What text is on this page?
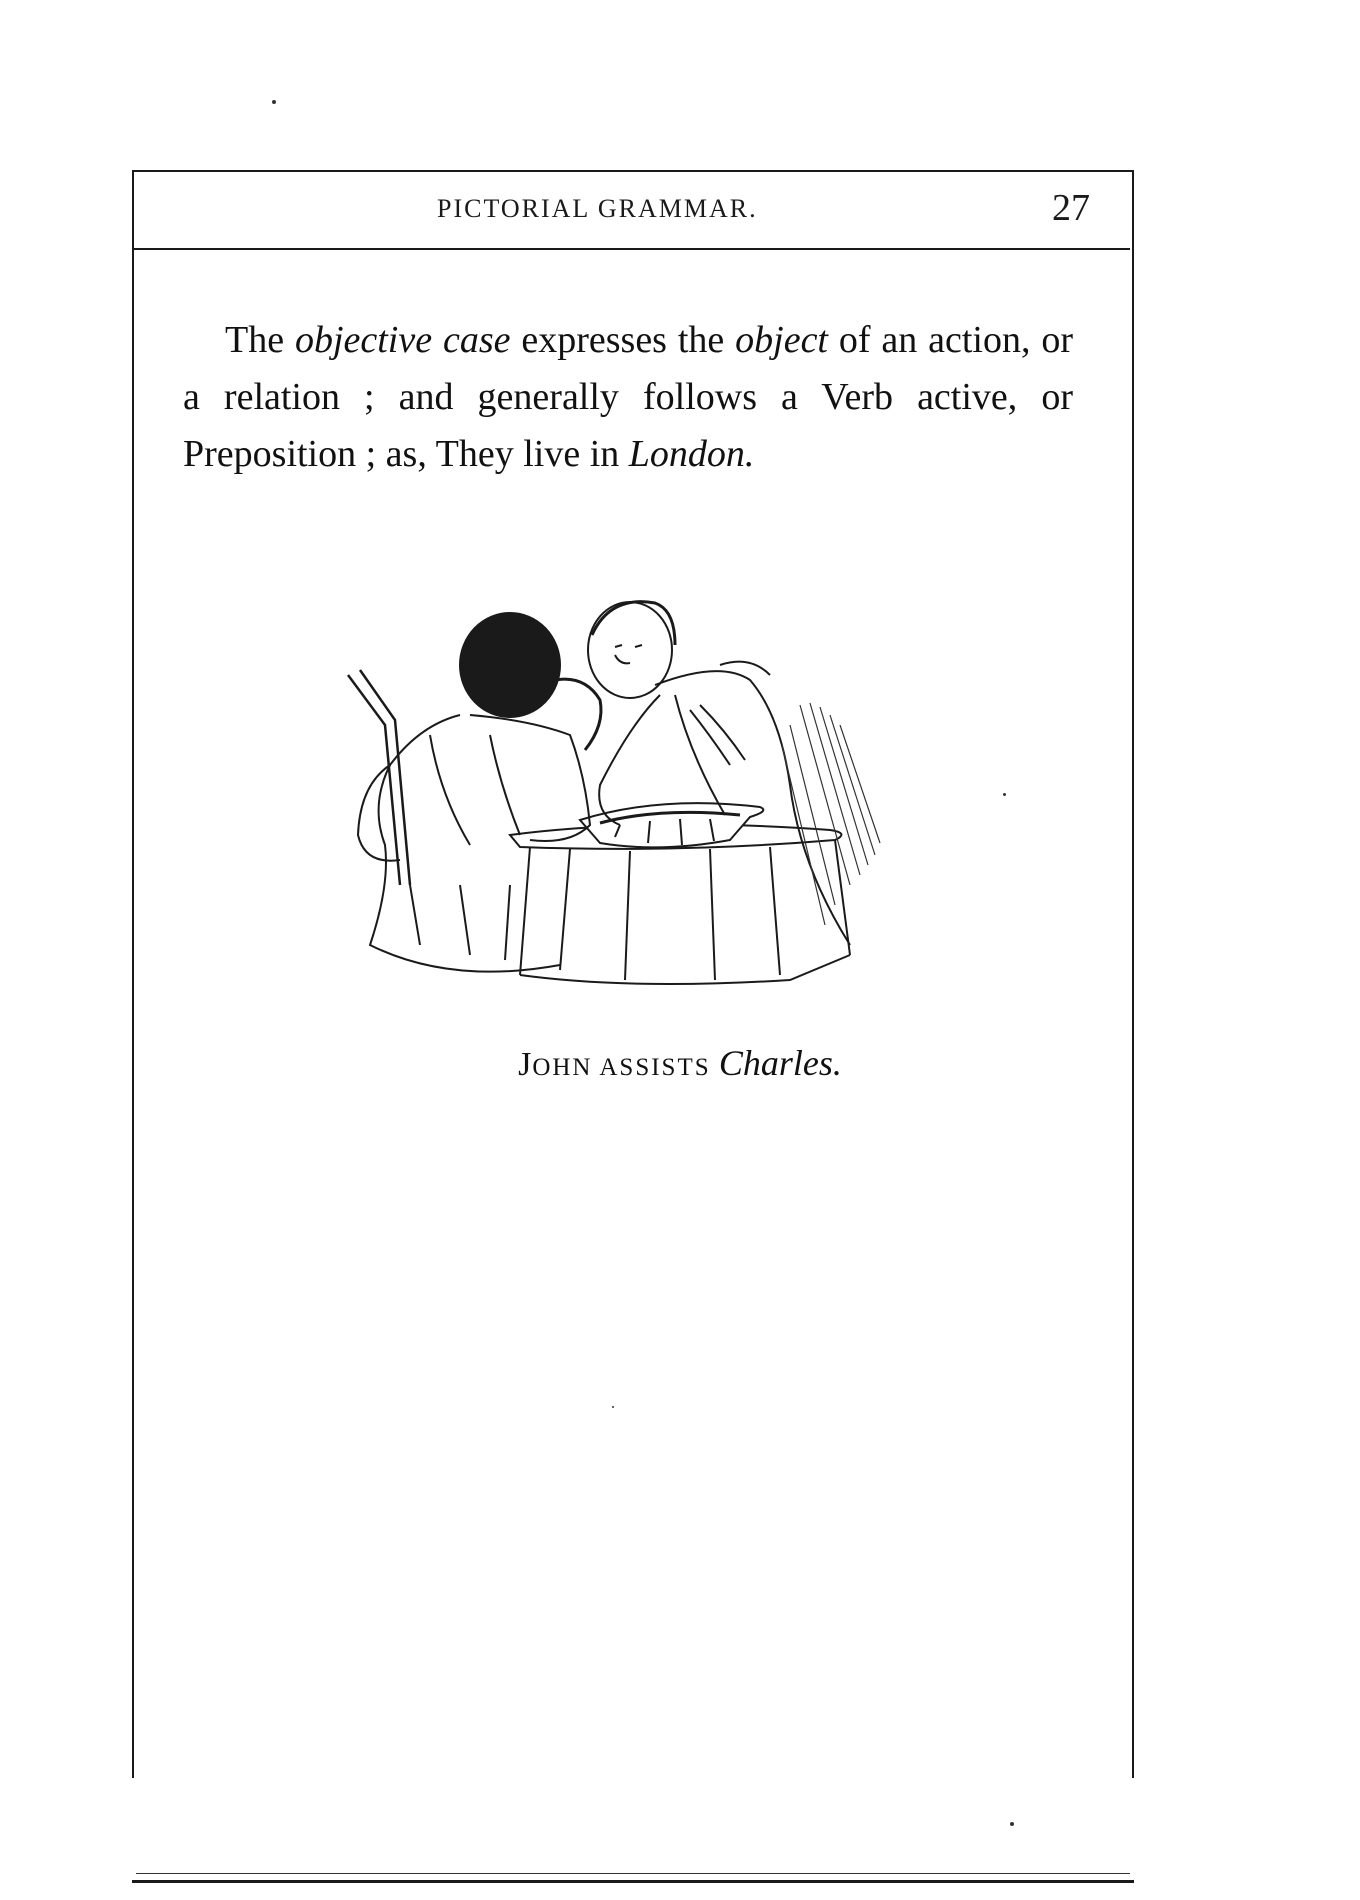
PICTORIAL GRAMMAR.	27

The objective case expresses the object of an action, or a relation ; and generally follows a Verb active, or Preposition ; as, They live in London.

JOHN ASSISTS Charles.
